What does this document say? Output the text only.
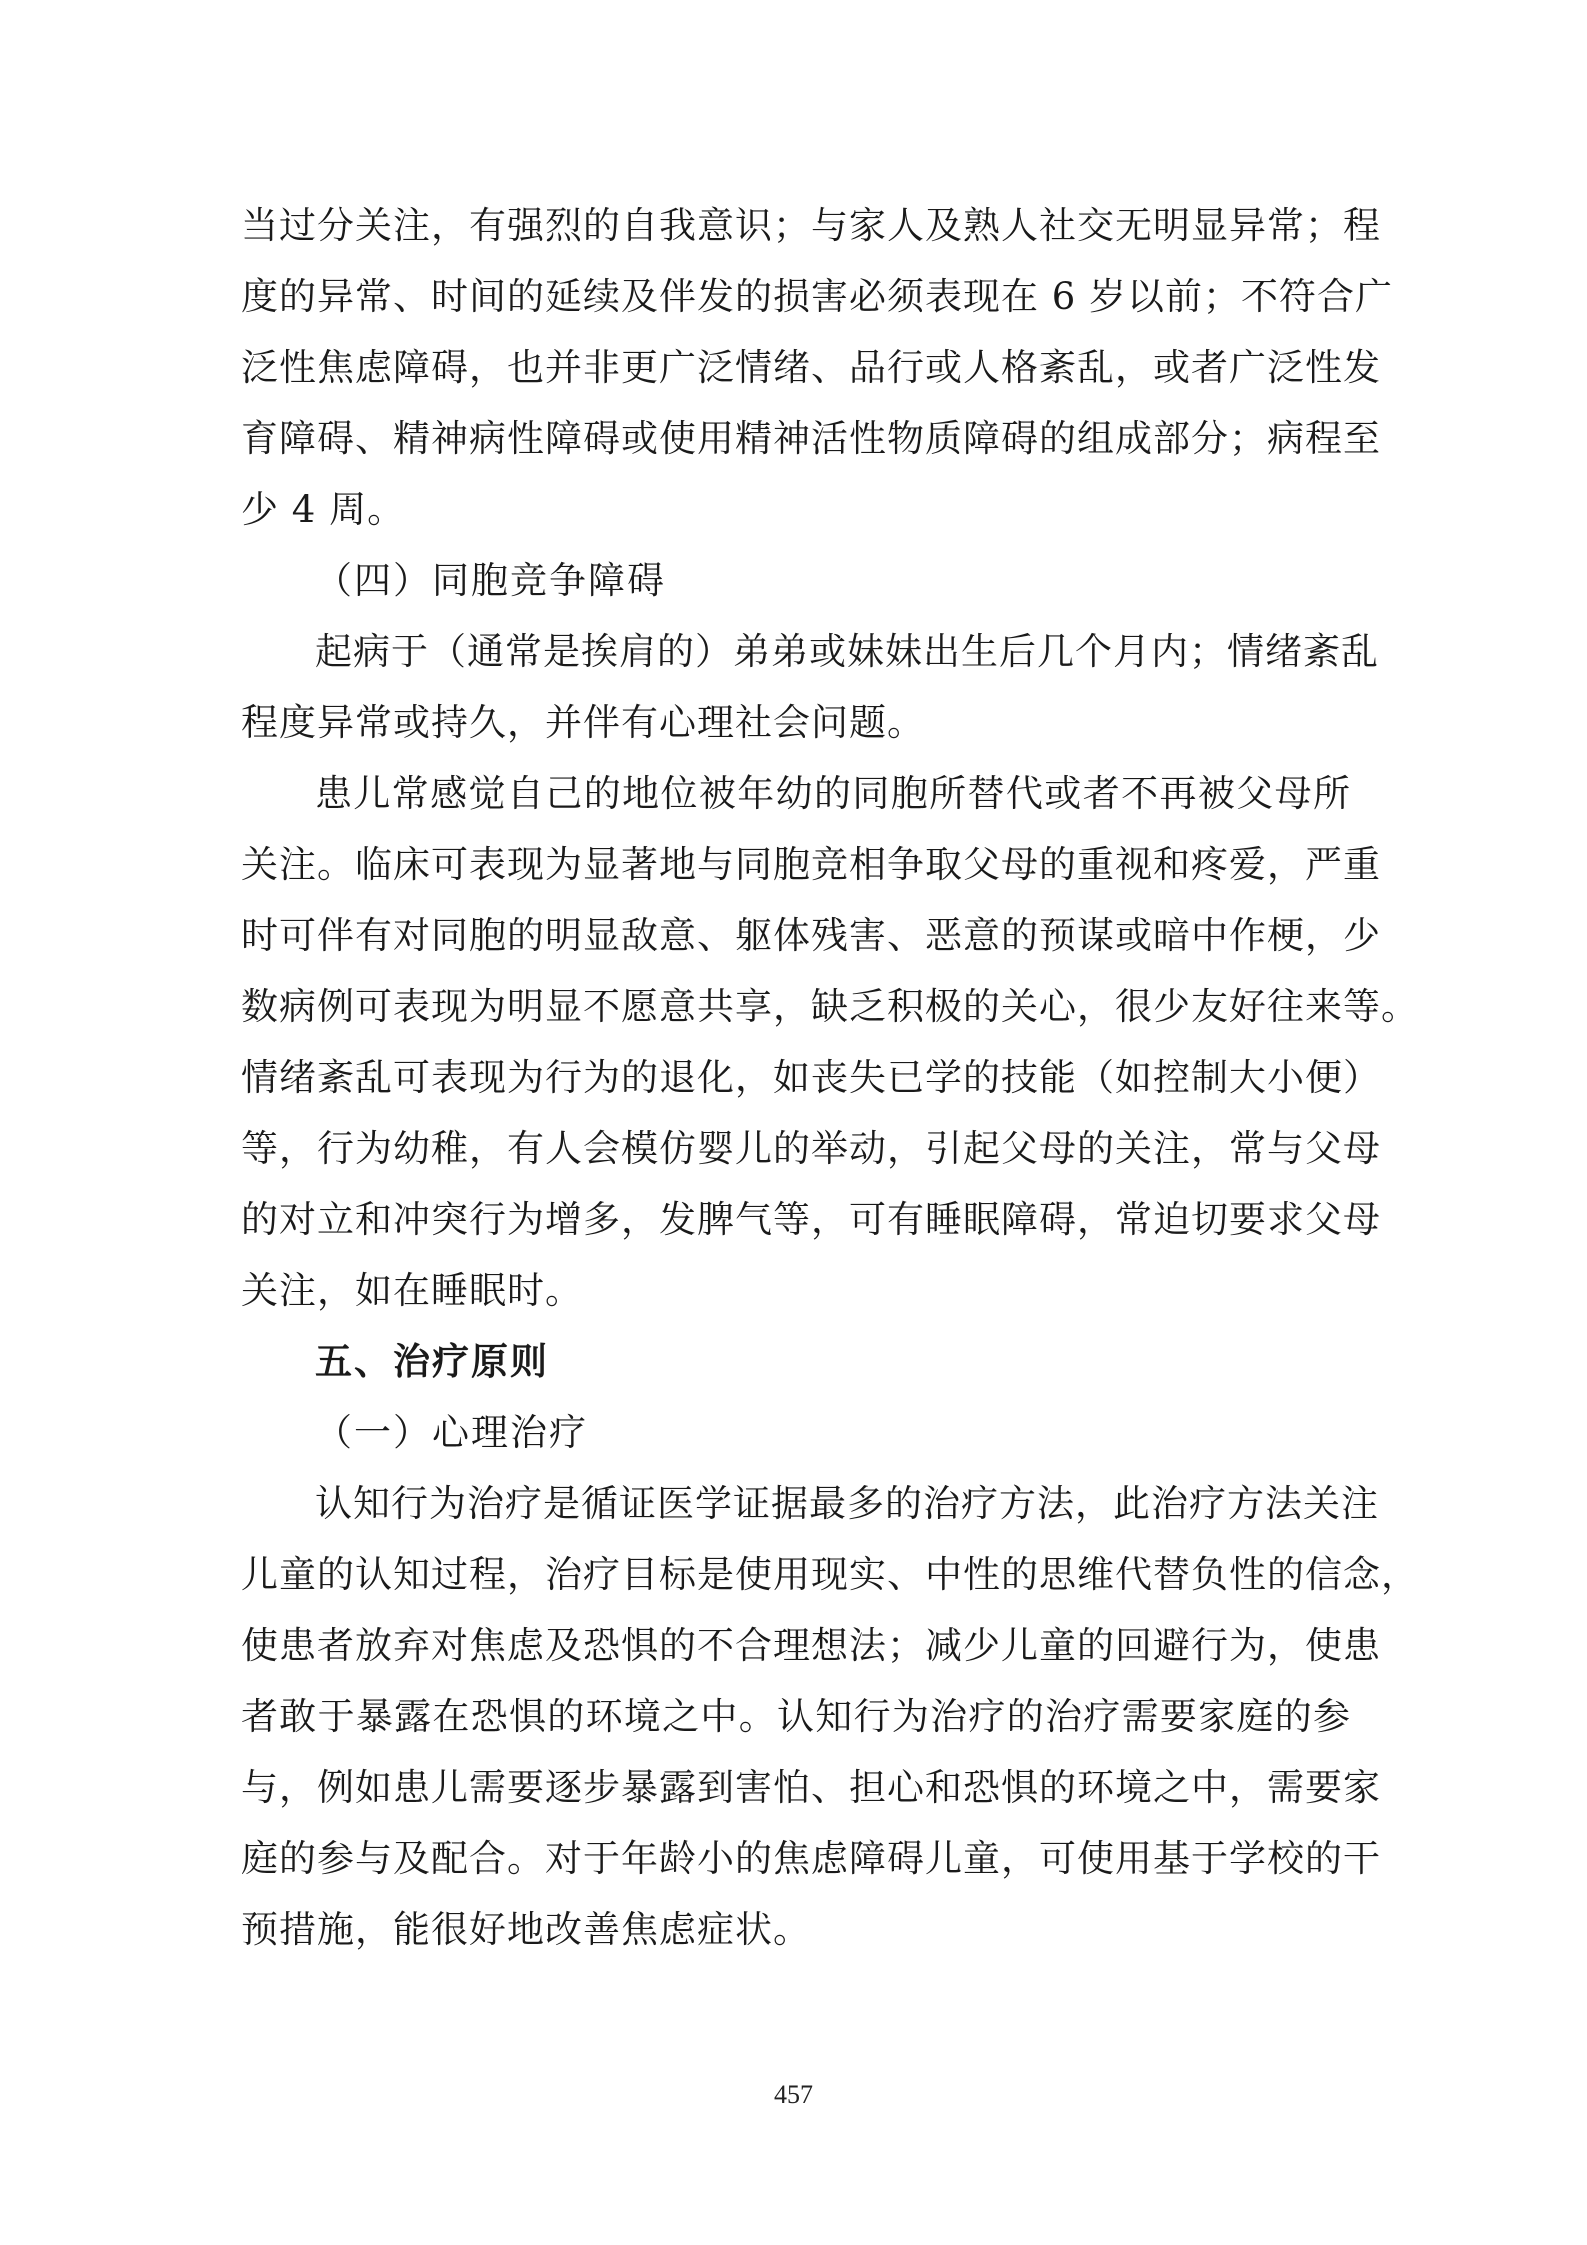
当过分关注，有强烈的自我意识；与家人及熟人社交无明显异常；程
度的异常、时间的延续及伴发的损害必须表现在 6 岁以前；不符合广
泛性焦虑障碍，也并非更广泛情绪、品行或人格紊乱，或者广泛性发
育障碍、精神病性障碍或使用精神活性物质障碍的组成部分；病程至
少 4 周。
（四）同胞竞争障碍
起病于（通常是挨肩的）弟弟或妹妹出生后几个月内；情绪紊乱
程度异常或持久，并伴有心理社会问题。
患儿常感觉自己的地位被年幼的同胞所替代或者不再被父母所
关注。临床可表现为显著地与同胞竞相争取父母的重视和疼爱，严重
时可伴有对同胞的明显敌意、躯体残害、恶意的预谋或暗中作梗，少
数病例可表现为明显不愿意共享，缺乏积极的关心，很少友好往来等。
情绪紊乱可表现为行为的退化，如丧失已学的技能（如控制大小便）
等，行为幼稚，有人会模仿婴儿的举动，引起父母的关注，常与父母
的对立和冲突行为增多，发脾气等，可有睡眠障碍，常迫切要求父母
关注，如在睡眠时。
五、治疗原则
（一）心理治疗
认知行为治疗是循证医学证据最多的治疗方法，此治疗方法关注
儿童的认知过程，治疗目标是使用现实、中性的思维代替负性的信念，
使患者放弃对焦虑及恐惧的不合理想法；减少儿童的回避行为，使患
者敢于暴露在恐惧的环境之中。认知行为治疗的治疗需要家庭的参
与，例如患儿需要逐步暴露到害怕、担心和恐惧的环境之中，需要家
庭的参与及配合。对于年龄小的焦虑障碍儿童，可使用基于学校的干
预措施，能很好地改善焦虑症状。
457
